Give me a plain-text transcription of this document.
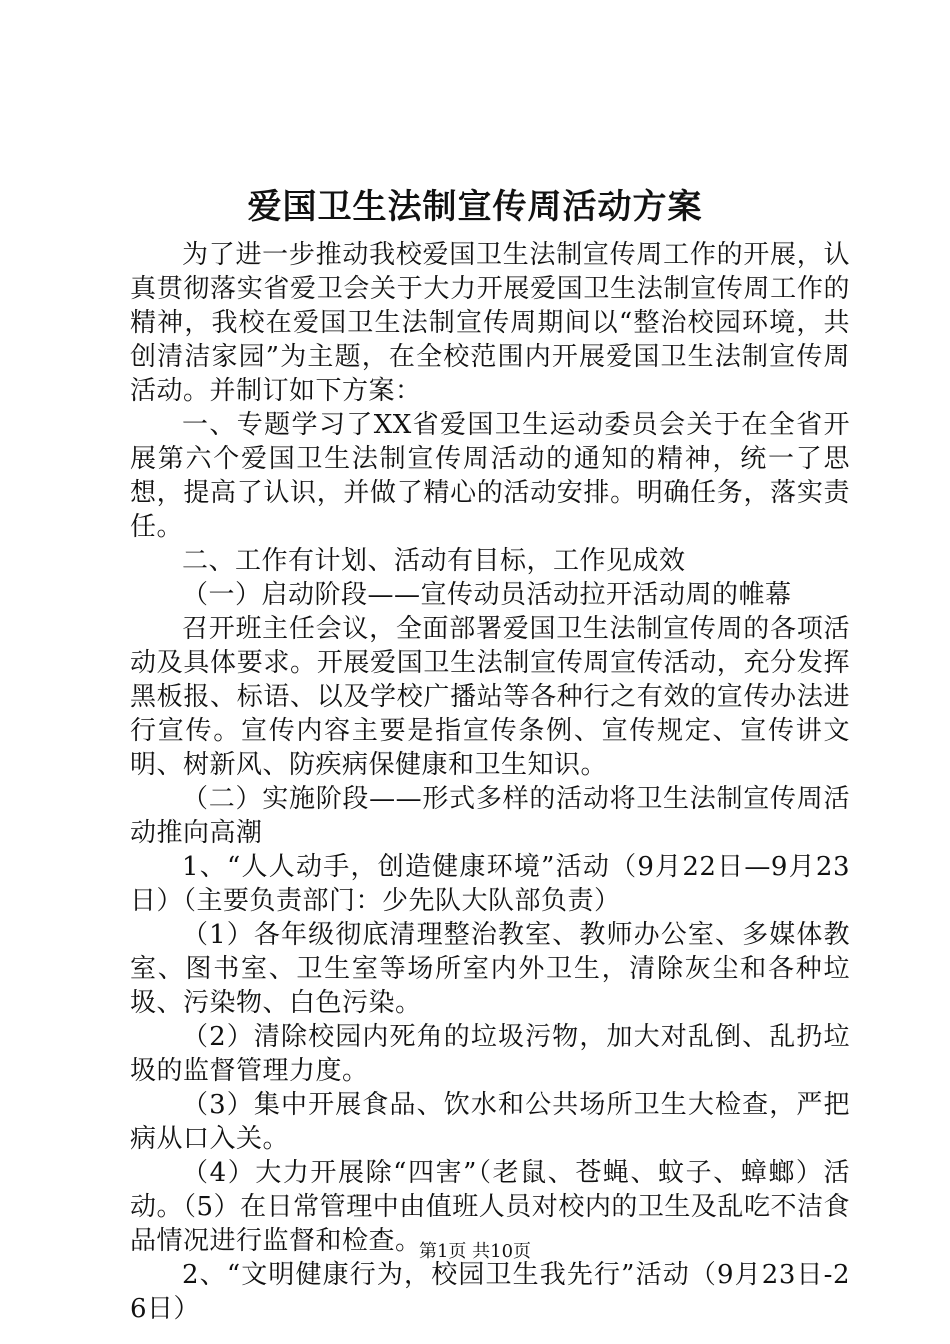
爱国卫生法制宣传周活动方案

为了进一步推动我校爱国卫生法制宣传周工作的开展，认真贯彻落实省爱卫会关于大力开展爱国卫生法制宣传周工作的精神，我校在爱国卫生法制宣传周期间以“整治校园环境，共创清洁家园”为主题，在全校范围内开展爱国卫生法制宣传周活动。并制订如下方案：

一、专题学习了XX省爱国卫生运动委员会关于在全省开展第六个爱国卫生法制宣传周活动的通知的精神，统一了思想，提高了认识，并做了精心的活动安排。明确任务，落实责任。

二、工作有计划、活动有目标，工作见成效

（一）启动阶段——宣传动员活动拉开活动周的帷幕

召开班主任会议，全面部署爱国卫生法制宣传周的各项活动及具体要求。开展爱国卫生法制宣传周宣传活动，充分发挥黑板报、标语、以及学校广播站等各种行之有效的宣传办法进行宣传。宣传内容主要是指宣传条例、宣传规定、宣传讲文明、树新风、防疾病保健康和卫生知识。

（二）实施阶段——形式多样的活动将卫生法制宣传周活动推向高潮

1、“人人动手，创造健康环境”活动（9月22日—9月23日）（主要负责部门：少先队大队部负责）

（1）各年级彻底清理整治教室、教师办公室、多媒体教室、图书室、卫生室等场所室内外卫生，清除灰尘和各种垃圾、污染物、白色污染。

（2）清除校园内死角的垃圾污物，加大对乱倒、乱扔垃圾的监督管理力度。

（3）集中开展食品、饮水和公共场所卫生大检查，严把病从口入关。

（4）大力开展除“四害”（老鼠、苍蝇、蚊子、蟑螂）活动。（5）在日常管理中由值班人员对校内的卫生及乱吃不洁食品情况进行监督和检查。

2、“文明健康行为，校园卫生我先行”活动（9月23日-26日）

第1页 共10页
